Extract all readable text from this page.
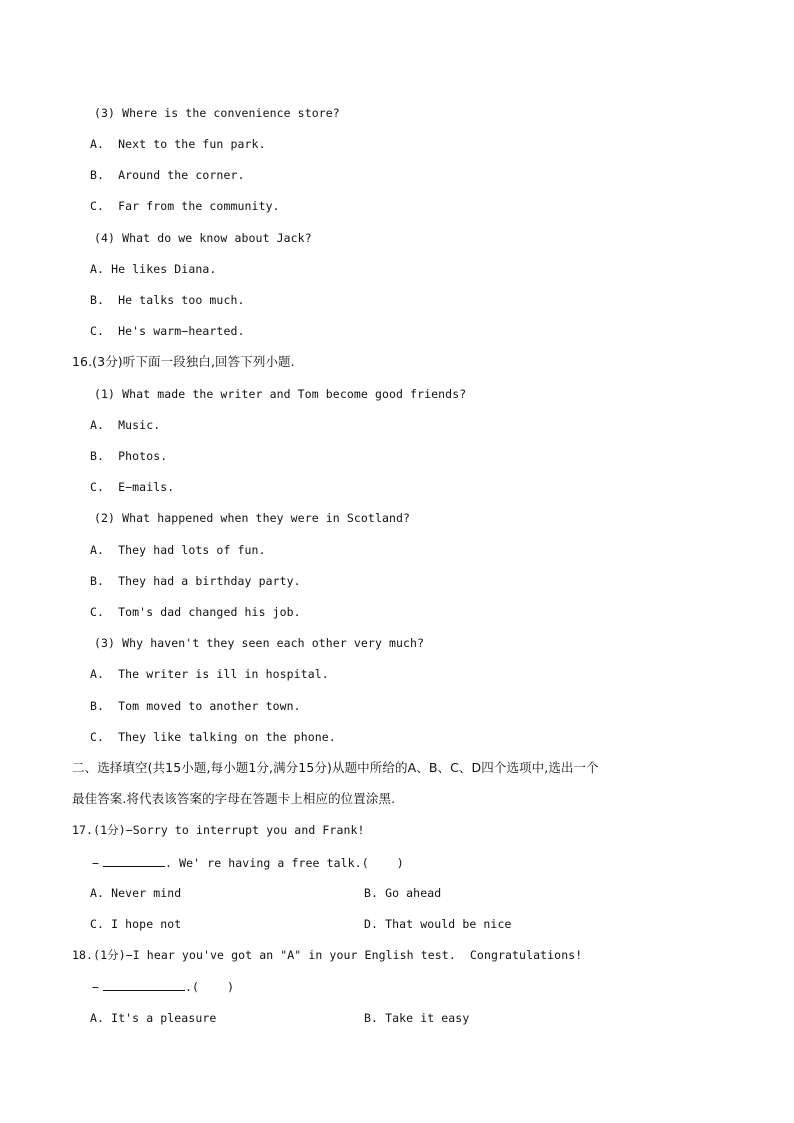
(3) Where is the convenience store?
A.  Next to the fun park.
B.  Around the corner.
C.  Far from the community.
(4) What do we know about Jack?
A. He likes Diana.
B.  He talks too much.
C.  He's warm−hearted.
16.(3分)听下面一段独白,回答下列小题.
(1) What made the writer and Tom become good friends?
A.  Music.
B.  Photos.
C.  E−mails.
(2) What happened when they were in Scotland?
A.  They had lots of fun.
B.  They had a birthday party.
C.  Tom's dad changed his job.
(3) Why haven't they seen each other very much?
A.  The writer is ill in hospital.
B.  Tom moved to another town.
C.  They like talking on the phone.
二、选择填空(共15小题,每小题1分,满分15分)从题中所给的A、B、C、D四个选项中,选出一个
最佳答案.将代表该答案的字母在答题卡上相应的位置涂黑.
17.(1分)−Sorry to interrupt you and Frank!
−	. We' re having a free talk.(    )
A. Never mind	B. Go ahead
C. I hope not	D. That would be nice
18.(1分)−I hear you've got an "A" in your English test.  Congratulations!
−	.(    )
A. It's a pleasure	B. Take it easy
